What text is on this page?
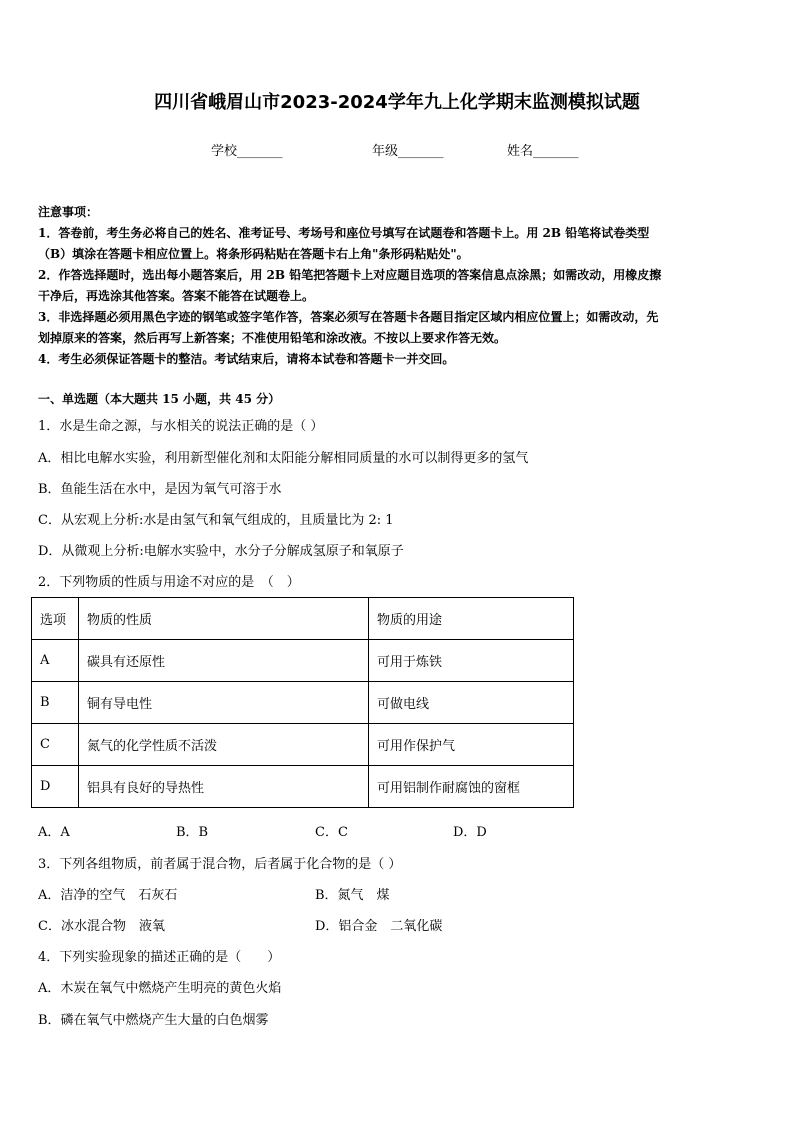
四川省峨眉山市2023-2024学年九上化学期末监测模拟试题
学校_______	年级_______	姓名_______
注意事项：
1．答卷前，考生务必将自己的姓名、准考证号、考场号和座位号填写在试题卷和答题卡上。用 2B 铅笔将试卷类型
（B）填涂在答题卡相应位置上。将条形码粘贴在答题卡右上角"条形码粘贴处"。
2．作答选择题时，选出每小题答案后，用 2B 铅笔把答题卡上对应题目选项的答案信息点涂黑；如需改动，用橡皮擦
干净后，再选涂其他答案。答案不能答在试题卷上。
3．非选择题必须用黑色字迹的钢笔或签字笔作答，答案必须写在答题卡各题目指定区域内相应位置上；如需改动，先
划掉原来的答案，然后再写上新答案；不准使用铅笔和涂改液。不按以上要求作答无效。
4．考生必须保证答题卡的整洁。考试结束后，请将本试卷和答题卡一并交回。
一、单选题（本大题共 15 小题，共 45 分）
1．水是生命之源，与水相关的说法正确的是（ ）
A．相比电解水实验，利用新型催化剂和太阳能分解相同质量的水可以制得更多的氢气
B．鱼能生活在水中，是因为氧气可溶于水
C．从宏观上分析:水是由氢气和氧气组成的，且质量比为 2: 1
D．从微观上分析:电解水实验中，水分子分解成氢原子和氧原子
2．下列物质的性质与用途不对应的是　（　）
选项	物质的性质	物质的用途
A	碳具有还原性	可用于炼铁
B	铜有导电性	可做电线
C	氮气的化学性质不活泼	可用作保护气
D	铝具有良好的导热性	可用铝制作耐腐蚀的窗框
A．A	B．B	C．C	D．D
3．下列各组物质，前者属于混合物，后者属于化合物的是（ ）
A．洁净的空气　石灰石	B．氮气　煤
C．冰水混合物　液氧	D．铝合金　二氧化碳
4．下列实验现象的描述正确的是（　　）
A．木炭在氧气中燃烧产生明亮的黄色火焰
B．磷在氧气中燃烧产生大量的白色烟雾
